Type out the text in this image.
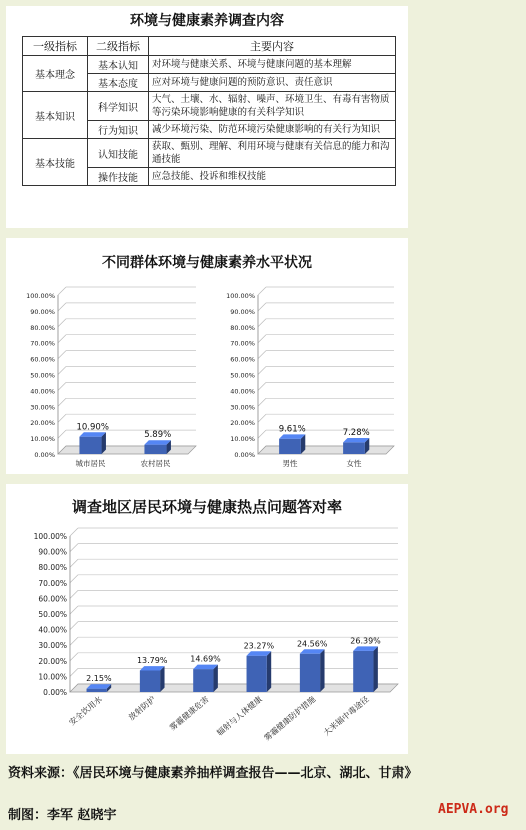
环境与健康素养调查内容
一级指标	二级指标	主要内容
基本理念	基本认知	对环境与健康关系、环境与健康问题的基本理解
	基本态度	应对环境与健康问题的预防意识、责任意识
基本知识	科学知识	大气、土壤、水、辐射、噪声、环境卫生、有毒有害物质等污染环境影响健康的有关科学知识
	行为知识	减少环境污染、防范环境污染健康影响的有关行为知识
基本技能	认知技能	获取、甄别、理解、利用环境与健康有关信息的能力和沟通技能
	操作技能	应急技能、投诉和维权技能
不同群体环境与健康素养水平状况
0.00%
10.00%
20.00%
30.00%
40.00%
50.00%
60.00%
70.00%
80.00%
90.00%
100.00%
10.90%
城市居民
5.89%
农村居民
0.00%
10.00%
20.00%
30.00%
40.00%
50.00%
60.00%
70.00%
80.00%
90.00%
100.00%
9.61%
男性
7.28%
女性
调查地区居民环境与健康热点问题答对率
0.00%
10.00%
20.00%
30.00%
40.00%
50.00%
60.00%
70.00%
80.00%
90.00%
100.00%
2.15%
安全饮用水
13.79%
放射防护
14.69%
雾霾健康危害
23.27%
辐射与人体健康
24.56%
雾霾健康防护措施
26.39%
大米镉中毒途径
资料来源：《居民环境与健康素养抽样调查报告——北京、湖北、甘肃》
制图：李军 赵晓宇	AEPVA.org
